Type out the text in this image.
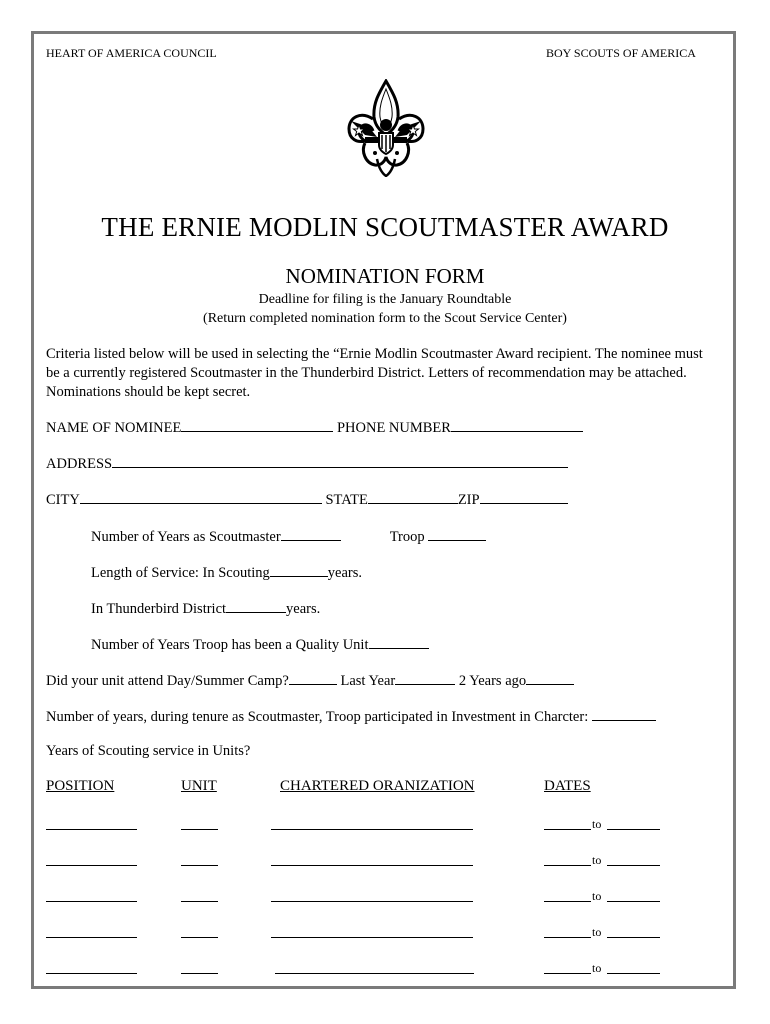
HEART OF AMERICA COUNCIL	BOY SCOUTS OF AMERICA
THE ERNIE MODLIN SCOUTMASTER AWARD
NOMINATION FORM
Deadline for filing is the January Roundtable
(Return completed nomination form to the Scout Service Center)
Criteria listed below will be used in selecting the “Ernie Modlin Scoutmaster Award recipient. The nominee must be a currently registered Scoutmaster in the Thunderbird District. Letters of recommendation may be attached. Nominations should be kept secret.
NAME OF NOMINEE	PHONE NUMBER
ADDRESS
CITY	STATE	ZIP
Number of Years as Scoutmaster	Troop
Length of Service: In Scouting	years.
In Thunderbird District	years.
Number of Years Troop has been a Quality Unit
Did your unit attend Day/Summer Camp?	Last Year	2 Years ago
Number of years, during tenure as Scoutmaster, Troop participated in Investment in Charcter:
Years of Scouting service in Units?
POSITION	UNIT	CHARTERED ORANIZATION	DATES
to
to
to
to
to
